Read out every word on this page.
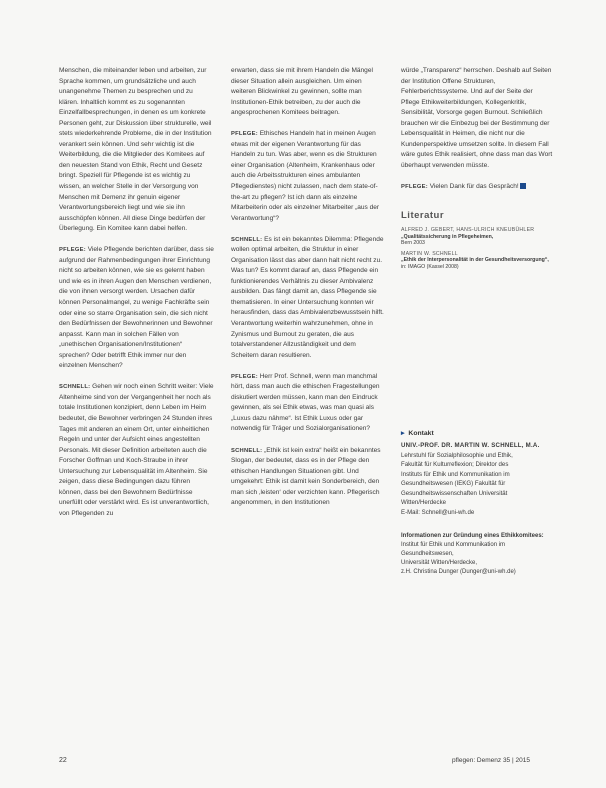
Menschen, die miteinander leben und arbeiten, zur Sprache kommen, um grundsätzliche und auch unangenehme Themen zu besprechen und zu klären. Inhaltlich kommt es zu sogenannten Einzelfallbesprechungen, in denen es um konkrete Personen geht, zur Diskussion über strukturelle, weil stets wiederkehrende Probleme, die in der Institution verankert sein können. Und sehr wichtig ist die Weiterbildung, die die Mitglieder des Komitees auf den neuesten Stand von Ethik, Recht und Gesetz bringt. Speziell für Pflegende ist es wichtig zu wissen, an welcher Stelle in der Versorgung von Menschen mit Demenz ihr genuin eigener Verantwortungsbereich liegt und wie sie ihn ausschöpfen können. All diese Dinge bedürfen der Überlegung. Ein Komitee kann dabei helfen.

PFLEGE: Viele Pflegende berichten darüber, dass sie aufgrund der Rahmenbedingungen ihrer Einrichtung nicht so arbeiten können, wie sie es gelernt haben und wie es in ihren Augen den Menschen verdienen, die von ihnen versorgt werden. Ursachen dafür können Personalmangel, zu wenige Fachkräfte sein oder eine so starre Organisation sein, die sich nicht den Bedürfnissen der Bewohnerinnen und Bewohner anpasst. Kann man in solchen Fällen von „unethischen Organisationen/Institutionen“ sprechen? Oder betrifft Ethik immer nur den einzelnen Menschen?

SCHNELL: Gehen wir noch einen Schritt weiter: Viele Altenheime sind von der Vergangenheit her noch als totale Institutionen konzipiert, denn Leben im Heim bedeutet, die Bewohner verbringen 24 Stunden ihres Tages mit anderen an einem Ort, unter einheitlichen Regeln und unter der Aufsicht eines angestellten Personals. Mit dieser Definition arbeiteten auch die Forscher Goffman und Koch-Straube in ihrer Untersuchung zur Lebensqualität im Altenheim. Sie zeigen, dass diese Bedingungen dazu führen können, dass bei den Bewohnern Bedürfnisse unerfüllt oder verstärkt wird. Es ist unverantwortlich, von Pflegenden zu

erwarten, dass sie mit ihrem Handeln die Mängel dieser Situation allein ausgleichen. Um einen weiteren Blickwinkel zu gewinnen, sollte man Institutionen-Ethik betreiben, zu der auch die angesprochenen Komitees beitragen.

PFLEGE: Ethisches Handeln hat in meinen Augen etwas mit der eigenen Verantwortung für das Handeln zu tun. Was aber, wenn es die Strukturen einer Organisation (Altenheim, Krankenhaus oder auch die Arbeitsstrukturen eines ambulanten Pflegedienstes) nicht zulassen, nach dem state-of-the-art zu pflegen? Ist ich dann als einzelne Mitarbeiterin oder als einzelner Mitarbeiter „aus der Verantwortung“?

SCHNELL: Es ist ein bekanntes Dilemma: Pflegende wollen optimal arbeiten, die Struktur in einer Organisation lässt das aber dann halt nicht recht zu. Was tun? Es kommt darauf an, dass Pflegende ein funktionierendes Verhältnis zu dieser Ambivalenz ausbilden. Das fängt damit an, dass Pflegende sie thematisieren. In einer Untersuchung konnten wir herausfinden, dass das Ambivalenzbewusstsein hilft. Verantwortung weiterhin wahrzunehmen, ohne in Zynismus und Burnout zu geraten, die aus totalverstandener Allzuständigkeit und dem Scheitern daran resultieren.

PFLEGE: Herr Prof. Schnell, wenn man manchmal hört, dass man auch die ethischen Fragestellungen diskutiert werden müssen, kann man den Eindruck gewinnen, als sei Ethik etwas, was man quasi als „Luxus dazu nähme“. Ist Ethik Luxus oder gar notwendig für Träger und Sozialorganisationen?

SCHNELL: „Ethik ist kein extra“ heißt ein bekanntes Slogan, der bedeutet, dass es in der Pflege den ethischen Handlungen Situationen gibt. Und umgekehrt: Ethik ist damit kein Sonderbereich, den man sich ‚leisten‘ oder verzichten kann. Pflegerisch angenommen, in den Institutionen

würde „Transparenz“ herrschen. Deshalb auf Seiten der Institution Offene Strukturen, Fehlerberichtssysteme. Und auf der Seite der Pflege Ethikweiterbildungen, Kollegenkritik, Sensibilität, Vorsorge gegen Burnout. Schließlich brauchen wir die Einbezug bei der Bestimmung der Lebensqualität in Heimen, die nicht nur die Kundenperspektive umsetzen sollte. In diesem Fall wäre gutes Ethik realisiert, ohne dass man das Wort überhaupt verwenden müsste.

PFLEGE: Vielen Dank für das Gespräch!

Literatur
ALFRED J. GEBERT, HANS-ULRICH KNEUBÜHLER
„Qualitätssicherung in Pflegeheimen,
Bern 2003
MARTIN W. SCHNELL
„Ethik der Interpersonalität in der Gesundheitsversorgung“,
in: IMAGO (Kassel 2008)
▸ Kontakt
UNIV.-PROF. DR. MARTIN W. SCHNELL, M.A.
Lehrstuhl für Sozialphilosophie und Ethik,
Fakultät für Kulturreflexion; Direktor des
Instituts für Ethik und Kommunikation im
Gesundheitswesen (IEKG) Fakultät für
Gesundheitswissenschaften Universität
Witten/Herdecke
E-Mail: Schnell@uni-wh.de
Informationen zur Gründung eines Ethikkomitees:
Institut für Ethik und Kommunikation im
Gesundheitswesen,
Universität Witten/Herdecke,
z.H. Christina Dunger (Dunger@uni-wh.de)
22	pflegen: Demenz 35 | 2015
